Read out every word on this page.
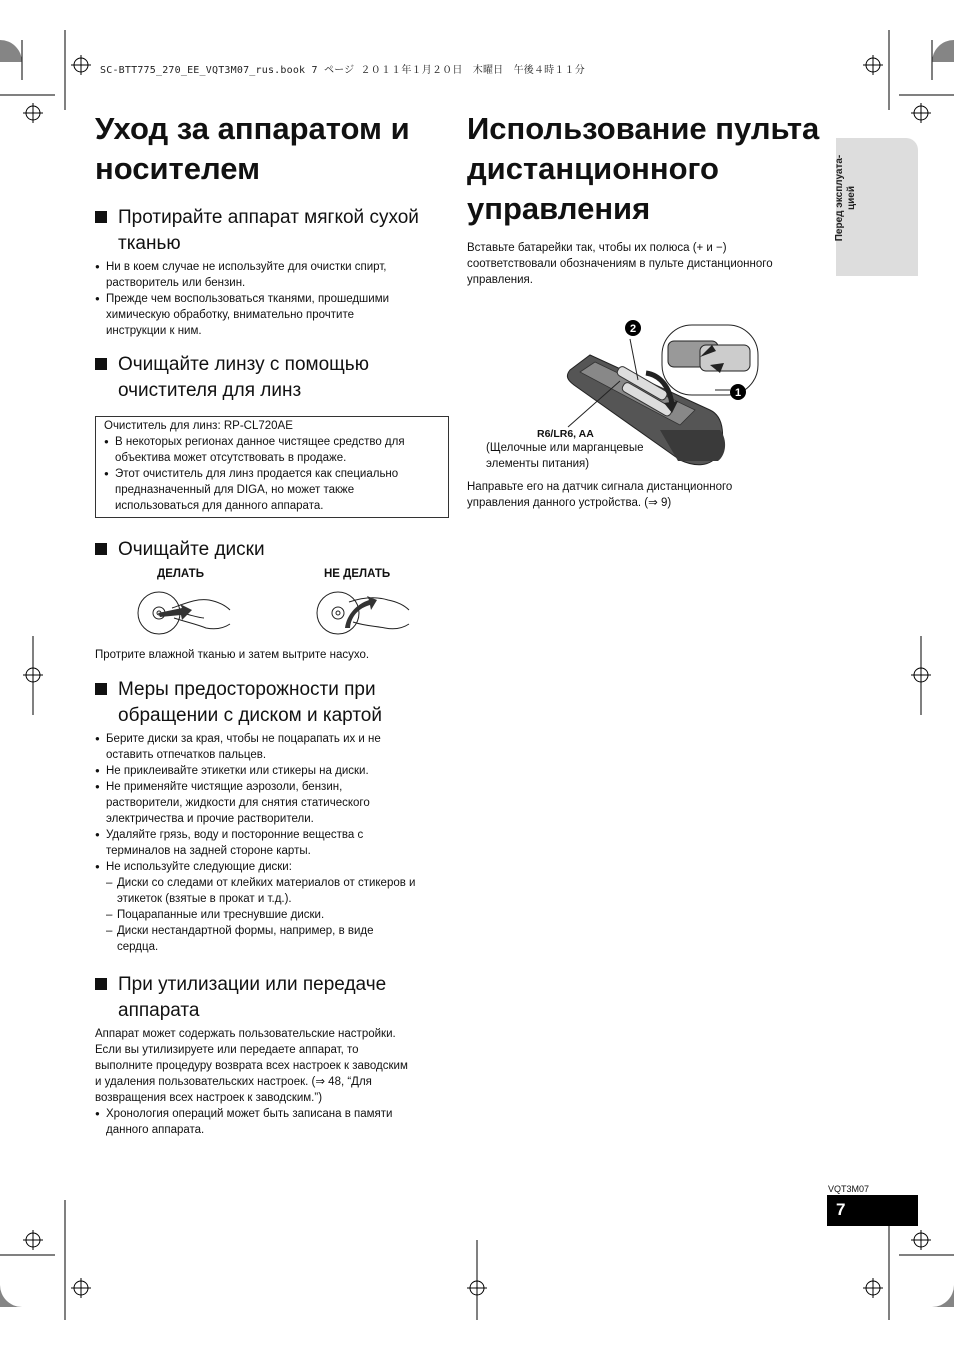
SC-BTT775_270_EE_VQT3M07_rus.book 7 ページ ２０１１年１月２０日　木曜日　午後４時１１分
Перед эксплуата- цией
Уход за аппаратом и
носителем
Протирайте аппарат мягкой сухой
тканью
● Ни в коем случае не используйте для очистки спирт,
растворитель или бензин.
● Прежде чем воспользоваться тканями, прошедшими
химическую обработку, внимательно прочтите
инструкции к ним.
Очищайте линзу с помощью
очистителя для линз
Очиститель для линз: RP-CL720AE
● В некоторых регионах данное чистящее средство для
объектива может отсутствовать в продаже.
● Этот очиститель для линз продается как специально
предназначенный для DIGA, но может также
использоваться для данного аппарата.
Очищайте диски
ДЕЛАТЬ	НЕ ДЕЛАТЬ
Протрите влажной тканью и затем вытрите насухо.
Меры предосторожности при
обращении с диском и картой
● Берите диски за края, чтобы не поцарапать их и не
оставить отпечатков пальцев.
● Не приклеивайте этикетки или стикеры на диски.
● Не применяйте чистящие аэрозоли, бензин,
растворители, жидкости для снятия статического
электричества и прочие растворители.
● Удаляйте грязь, воду и посторонние вещества с
терминалов на задней стороне карты.
● Не используйте следующие диски:
– Диски со следами от клейких материалов от стикеров и
этикеток (взятые в прокат и т.д.).
– Поцарапанные или треснувшие диски.
– Диски нестандартной формы, например, в виде
сердца.
При утилизации или передаче
аппарата
Аппарат может содержать пользовательские настройки.
Если вы утилизируете или передаете аппарат, то
выполните процедуру возврата всех настроек к заводским
и удаления пользовательских настроек. (⇒ 48, “Для
возвращения всех настроек к заводским.”)
● Хронология операций может быть записана в памяти
данного аппарата.
Использование пульта
дистанционного
управления
Вставьте батарейки так, чтобы их полюса (+ и −)
соответствовали обозначениям в пульте дистанционного
управления.
2
1
R6/LR6, AA
(Щелочные или марганцевые
элементы питания)
Направьте его на датчик сигнала дистанционного
управления данного устройства. (⇒ 9)
VQT3M07
7
